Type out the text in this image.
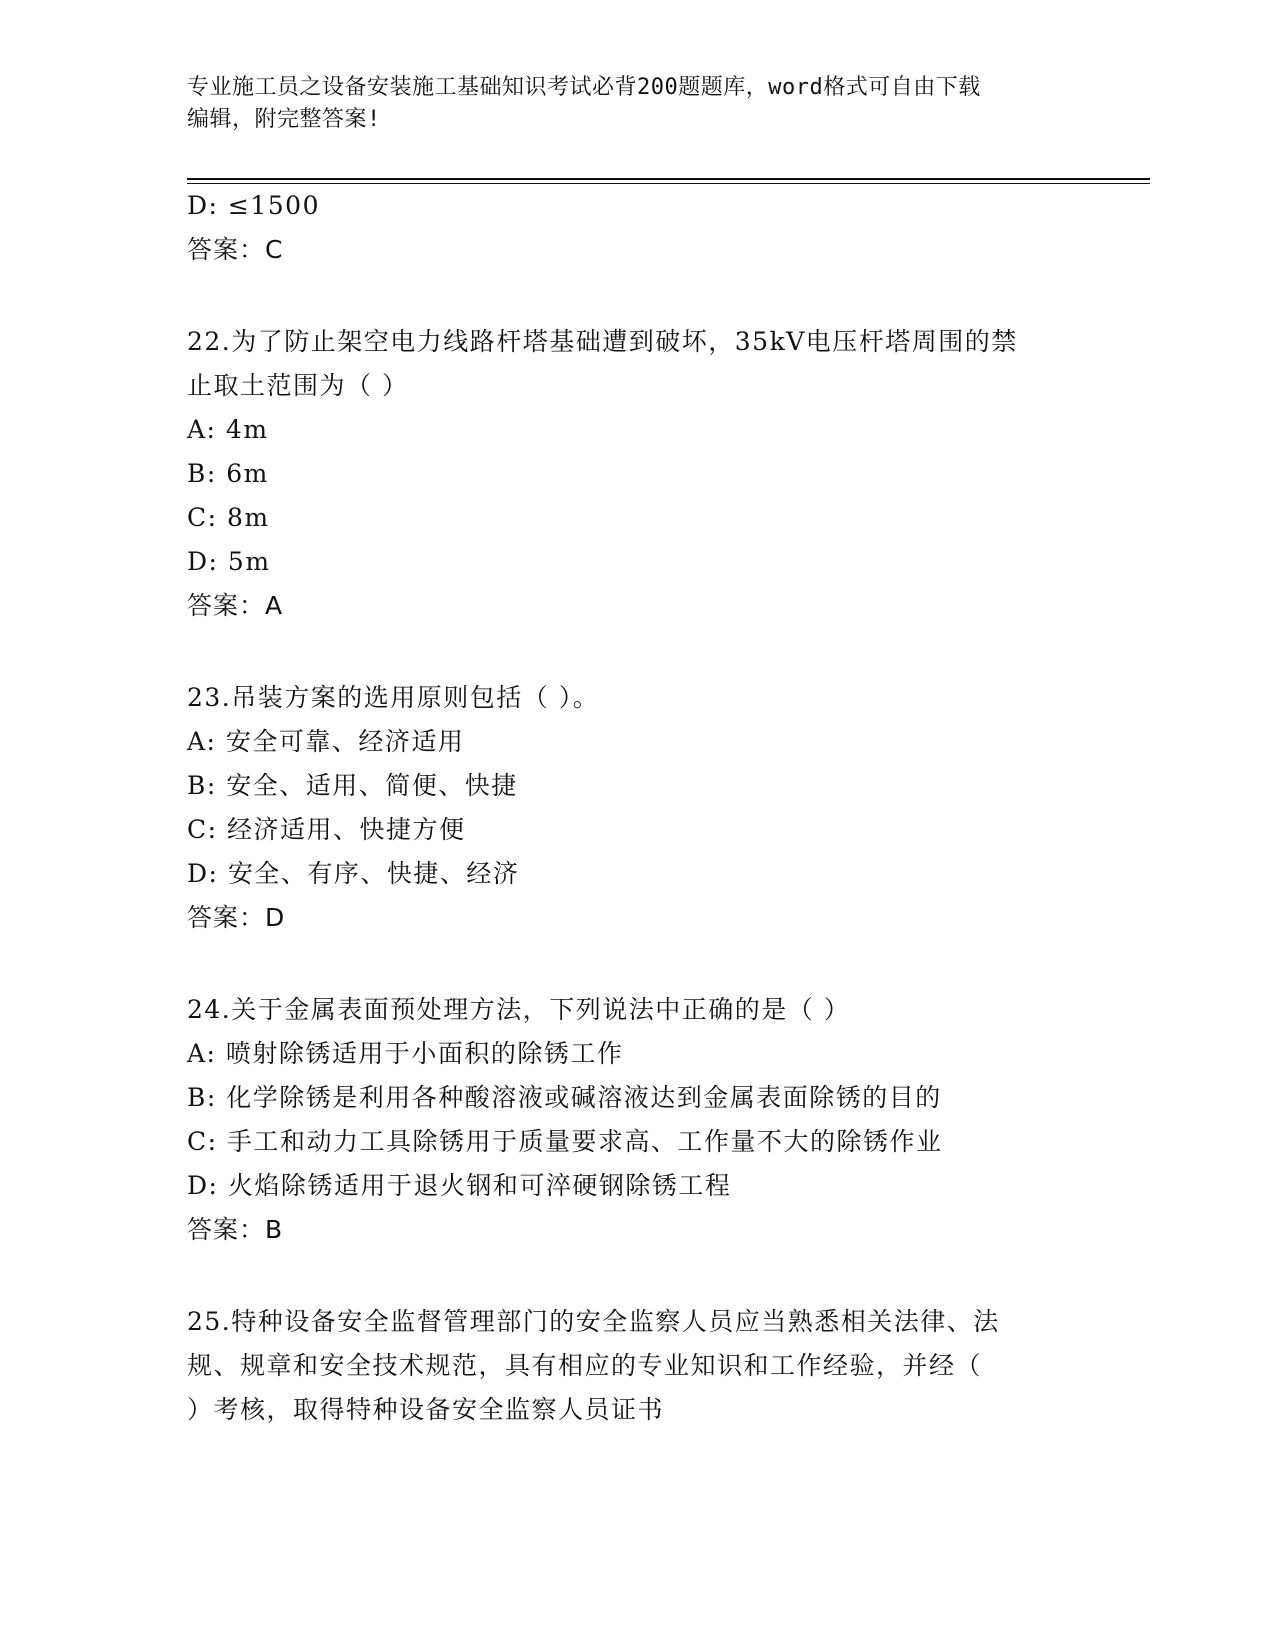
专业施工员之设备安装施工基础知识考试必背200题题库，word格式可自由下载
编辑，附完整答案!
D: ≤1500
答案：C
22.为了防止架空电力线路杆塔基础遭到破坏，35kV电压杆塔周围的禁
止取土范围为（ ）
A: 4m
B: 6m
C: 8m
D: 5m
答案：A
23.吊装方案的选用原则包括（ ）。
A: 安全可靠、经济适用
B: 安全、适用、简便、快捷
C: 经济适用、快捷方便
D: 安全、有序、快捷、经济
答案：D
24.关于金属表面预处理方法，下列说法中正确的是（ ）
A: 喷射除锈适用于小面积的除锈工作
B: 化学除锈是利用各种酸溶液或碱溶液达到金属表面除锈的目的
C: 手工和动力工具除锈用于质量要求高、工作量不大的除锈作业
D: 火焰除锈适用于退火钢和可淬硬钢除锈工程
答案：B
25.特种设备安全监督管理部门的安全监察人员应当熟悉相关法律、法
规、规章和安全技术规范，具有相应的专业知识和工作经验，并经（
）考核，取得特种设备安全监察人员证书
